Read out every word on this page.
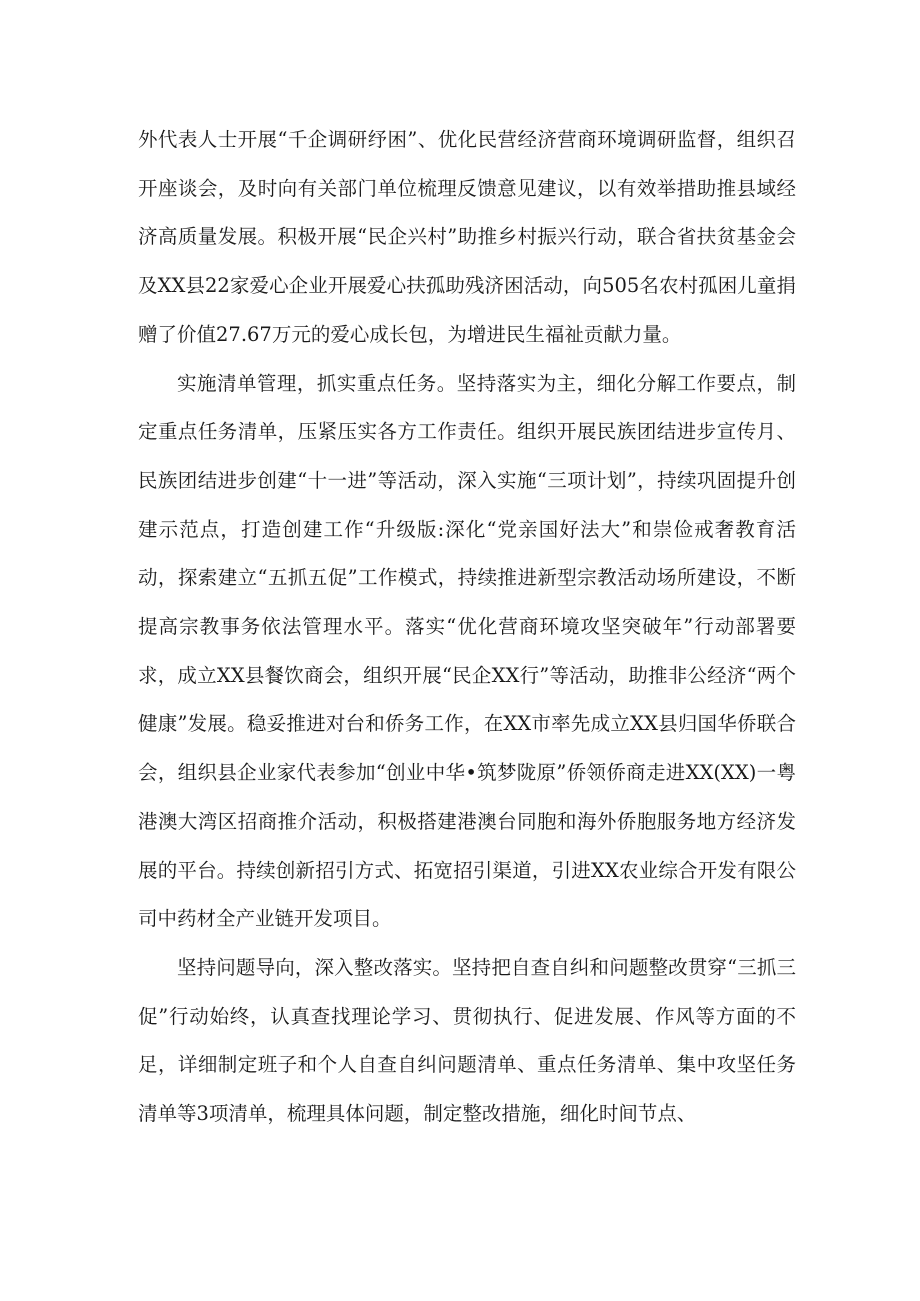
外代表人士开展“千企调研纾困”、优化民营经济营商环境调研监督，组织召开座谈会，及时向有关部门单位梳理反馈意见建议，以有效举措助推县域经济高质量发展。积极开展“民企兴村”助推乡村振兴行动，联合省扶贫基金会及XX县22家爱心企业开展爱心扶孤助残济困活动，向505名农村孤困儿童捐赠了价值27.67万元的爱心成长包，为增进民生福祉贡献力量。

实施清单管理，抓实重点任务。坚持落实为主，细化分解工作要点，制定重点任务清单，压紧压实各方工作责任。组织开展民族团结进步宣传月、民族团结进步创建“十一进”等活动，深入实施“三项计划”，持续巩固提升创建示范点，打造创建工作“升级版:深化“党亲国好法大”和崇俭戒奢教育活动，探索建立“五抓五促”工作模式，持续推进新型宗教活动场所建设，不断提高宗教事务依法管理水平。落实“优化营商环境攻坚突破年”行动部署要求，成立XX县餐饮商会，组织开展“民企XX行”等活动，助推非公经济“两个健康”发展。稳妥推进对台和侨务工作，在XX市率先成立XX县归国华侨联合会，组织县企业家代表参加“创业中华•筑梦陇原”侨领侨商走进XX(XX)一粤港澳大湾区招商推介活动，积极搭建港澳台同胞和海外侨胞服务地方经济发展的平台。持续创新招引方式、拓宽招引渠道，引进XX农业综合开发有限公司中药材全产业链开发项目。

坚持问题导向，深入整改落实。坚持把自查自纠和问题整改贯穿“三抓三促”行动始终，认真查找理论学习、贯彻执行、促进发展、作风等方面的不足，详细制定班子和个人自查自纠问题清单、重点任务清单、集中攻坚任务清单等3项清单，梳理具体问题，制定整改措施，细化时间节点、
